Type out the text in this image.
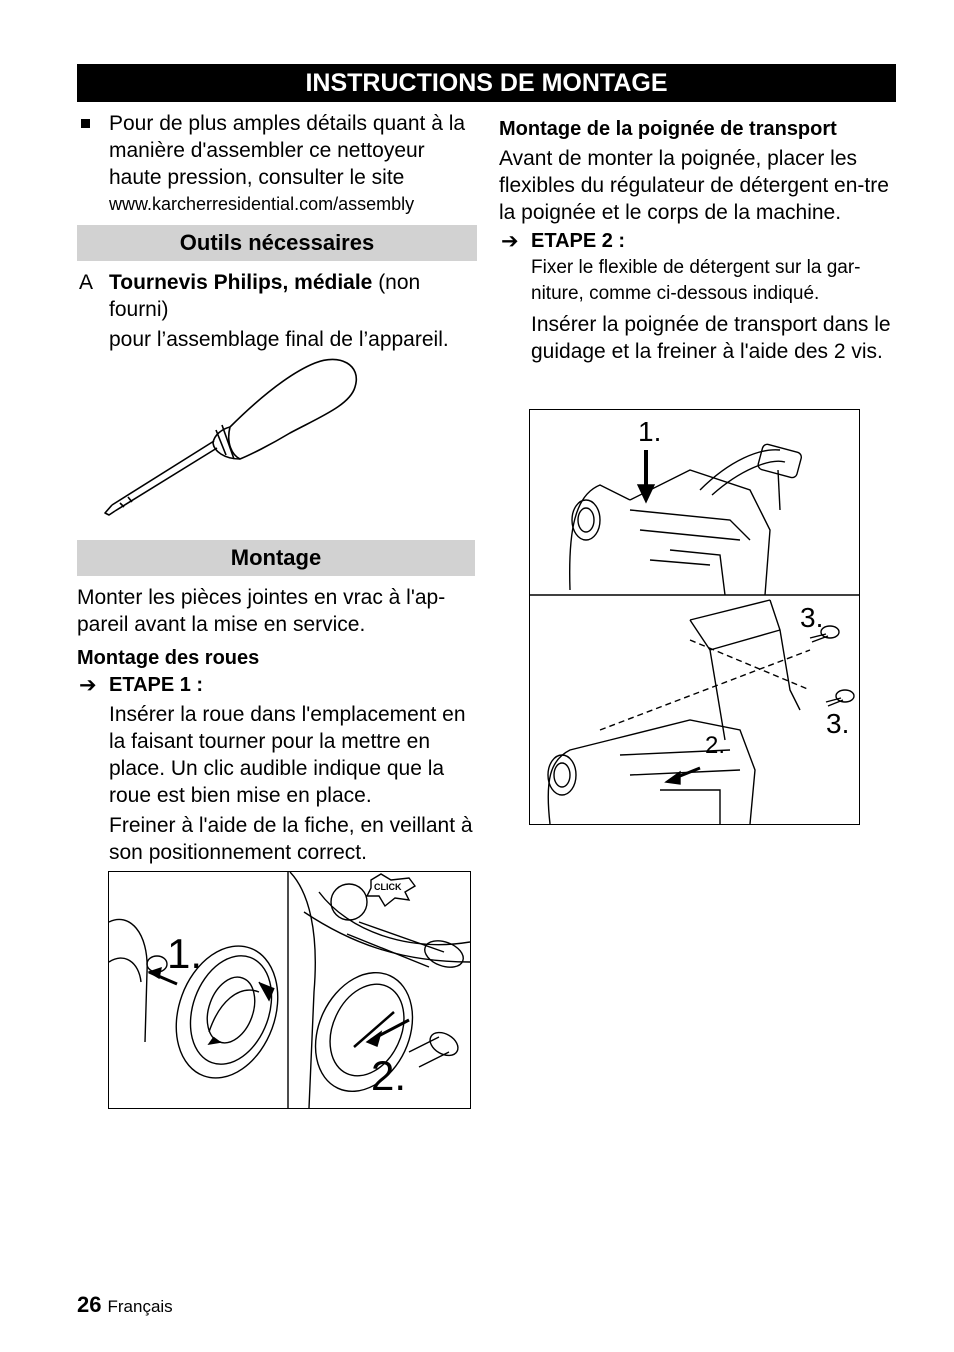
INSTRUCTIONS DE MONTAGE

Pour de plus amples détails quant à la manière d'assembler ce nettoyeur haute pression, consulter le site

www.karcherresidential.com/assembly

Outils nécessaires
A Tournevis Philips, médiale (non fourni)

pour l’assemblage final de l’appareil.

Montage

Monter les pièces jointes en vrac à l'ap-pareil avant la mise en service.

Montage des roues

➔ ETAPE 1 :

Insérer la roue dans l'emplacement en la faisant tourner pour la mettre en place. Un clic audible indique que la roue est bien mise en place.

Freiner à l'aide de la fiche, en veillant à son positionnement correct.

1.
2.
CLICK

Montage de la poignée de transport

Avant de monter la poignée, placer les flexibles du régulateur de détergent en-tre la poignée et le corps de la machine.

➔ ETAPE 2 :

Fixer le flexible de détergent sur la gar-niture, comme ci-dessous indiqué.

Insérer la poignée de transport dans le guidage et la freiner à l'aide des 2 vis.

1.
2.
3.
3.
26 Français
